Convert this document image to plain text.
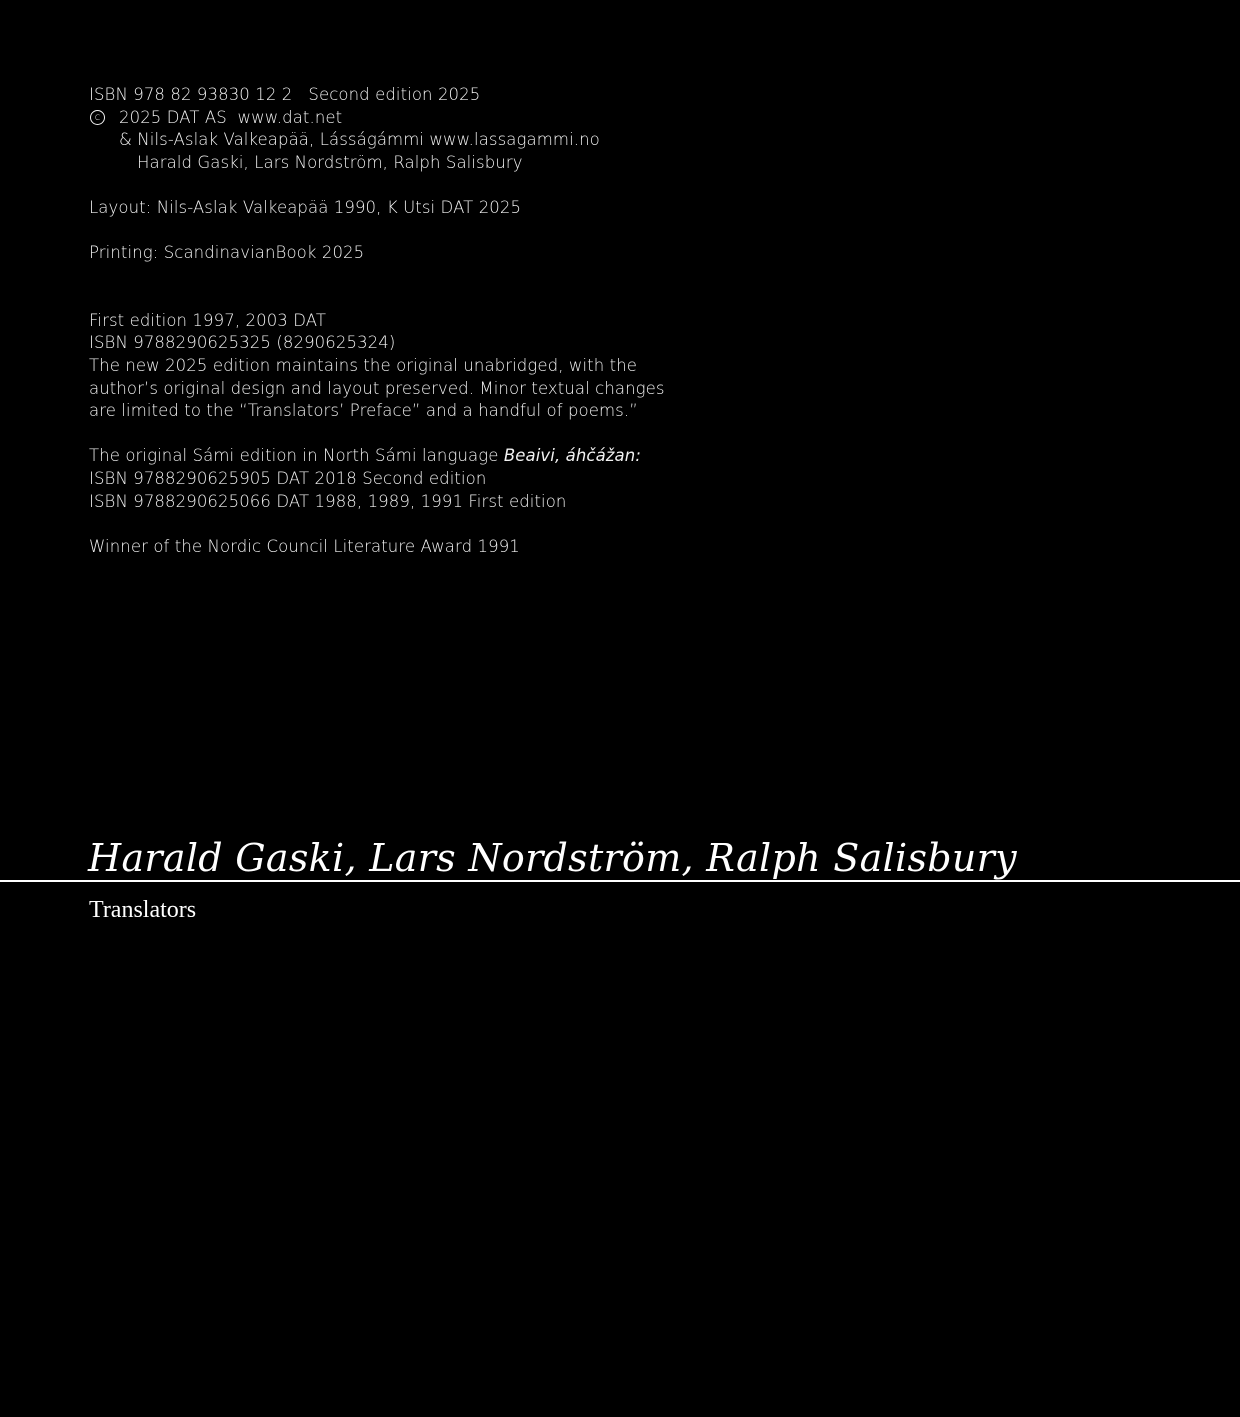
ISBN 978 82 93830 12 2   Second edition 2025
c 2025 DAT AS  www.dat.net
& Nils-Aslak Valkeapää, Lásságámmi www.lassagammi.no
Harald Gaski, Lars Nordström, Ralph Salisbury
Layout: Nils-Aslak Valkeapää 1990, K Utsi DAT 2025
Printing: ScandinavianBook 2025
First edition 1997, 2003 DAT
ISBN 9788290625325 (8290625324)
The new 2025 edition maintains the original unabridged, with the
author’s original design and layout preserved. Minor textual changes
are limited to the “Translators’ Preface” and a handful of poems.”
The original Sámi edition in North Sámi language Beaivi, áhčážan:
ISBN 9788290625905 DAT 2018 Second edition
ISBN 9788290625066 DAT 1988, 1989, 1991 First edition
Winner of the Nordic Council Literature Award 1991
Harald Gaski, Lars Nordström, Ralph Salisbury
Translators
